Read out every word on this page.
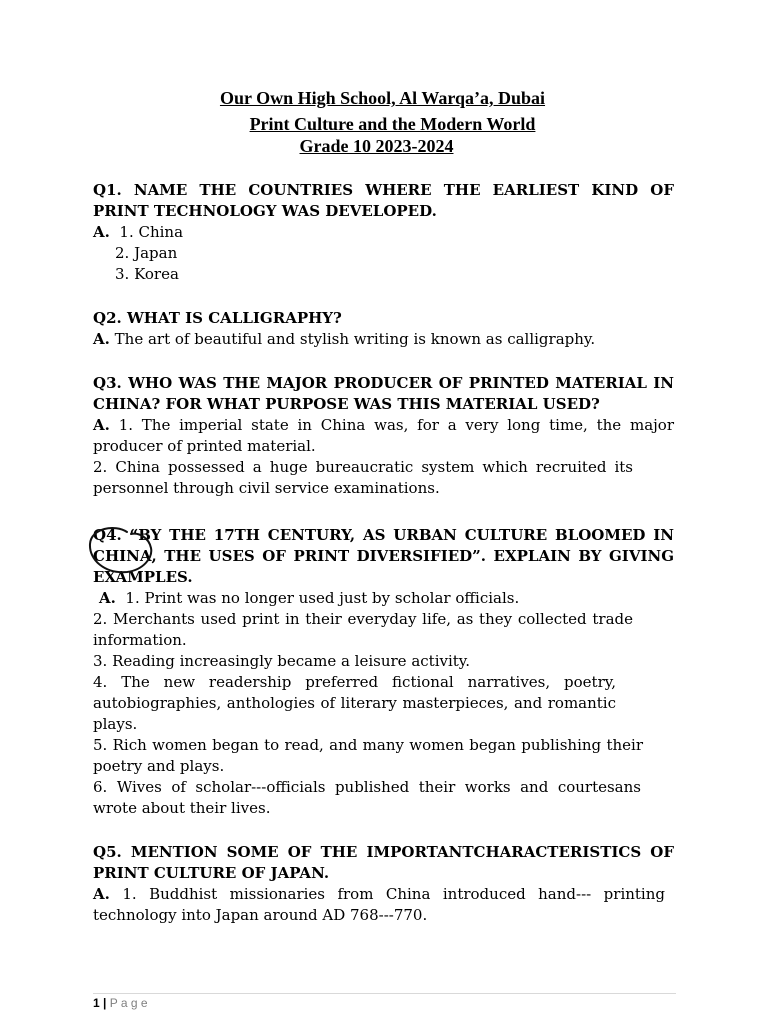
Our Own High School, Al Warqa’a, Dubai
Print Culture and the Modern World
Grade 10 2023-2024

Q1. NAME THE COUNTRIES WHERE THE EARLIEST KIND OF PRINT TECHNOLOGY WAS DEVELOPED.

A. 1. China

2. Japan

3. Korea

Q2. WHAT IS CALLIGRAPHY?

A. The art of beautiful and stylish writing is known as calligraphy.

Q3. WHO WAS THE MAJOR PRODUCER OF PRINTED MATERIAL IN CHINA? FOR WHAT PURPOSE WAS THIS MATERIAL USED?

A. 1. The imperial state in China was, for a very long time, the major producer of printed material.

2. China possessed a huge bureaucratic system which recruited its personnel through civil service examinations.

Q4. “BY THE 17TH CENTURY, AS URBAN CULTURE BLOOMED IN CHINA, THE USES OF PRINT DIVERSIFIED”. EXPLAIN BY GIVING EXAMPLES.

A. 1. Print was no longer used just by scholar officials.

2. Merchants used print in their everyday life, as they collected trade information.

3. Reading increasingly became a leisure activity.

4. The new readership preferred fictional narratives, poetry, autobiographies, anthologies of literary masterpieces, and romantic plays.

5. Rich women began to read, and many women began publishing their poetry and plays.

6. Wives of scholar---officials published their works and courtesans wrote about their lives.

Q5. MENTION SOME OF THE IMPORTANTCHARACTERISTICS OF PRINT CULTURE OF JAPAN.

A. 1. Buddhist missionaries from China introduced hand--- printing technology into Japan around AD 768---770.

1 | P a g e
